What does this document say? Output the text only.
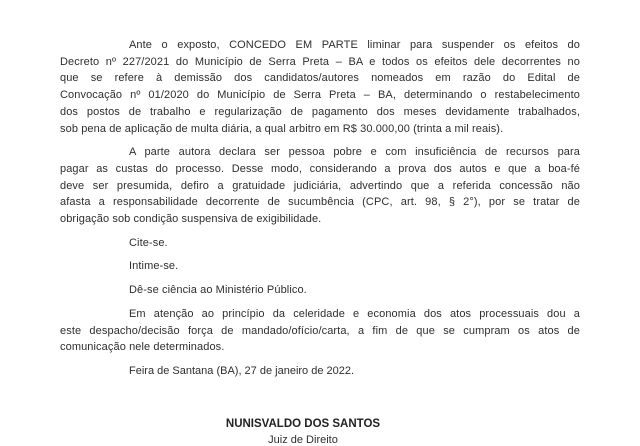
Ante o exposto, CONCEDO EM PARTE liminar para suspender os efeitos do
Decreto nº 227/2021 do Município de Serra Preta – BA e todos os efeitos dele decorrentes no
que se refere à demissão dos candidatos/autores nomeados em razão do Edital de
Convocação nº 01/2020 do Município de Serra Preta – BA, determinando o restabelecimento
dos postos de trabalho e regularização de pagamento dos meses devidamente trabalhados,
sob pena de aplicação de multa diária, a qual arbitro em R$ 30.000,00 (trinta a mil reais).

A parte autora declara ser pessoa pobre e com insuficiência de recursos para
pagar as custas do processo. Desse modo, considerando a prova dos autos e que a boa-fé
deve ser presumida, defiro a gratuidade judiciária, advertindo que a referida concessão não
afasta a responsabilidade decorrente de sucumbência (CPC, art. 98, § 2°), por se tratar de
obrigação sob condição suspensiva de exigibilidade.

Cite-se.

Intime-se.

Dê-se ciência ao Ministério Público.

Em atenção ao princípio da celeridade e economia dos atos processuais dou a
este despacho/decisão força de mandado/ofício/carta, a fim de que se cumpram os atos de
comunicação nele determinados.

Feira de Santana (BA), 27 de janeiro de 2022.
NUNISVALDO DOS SANTOS
Juiz de Direito
